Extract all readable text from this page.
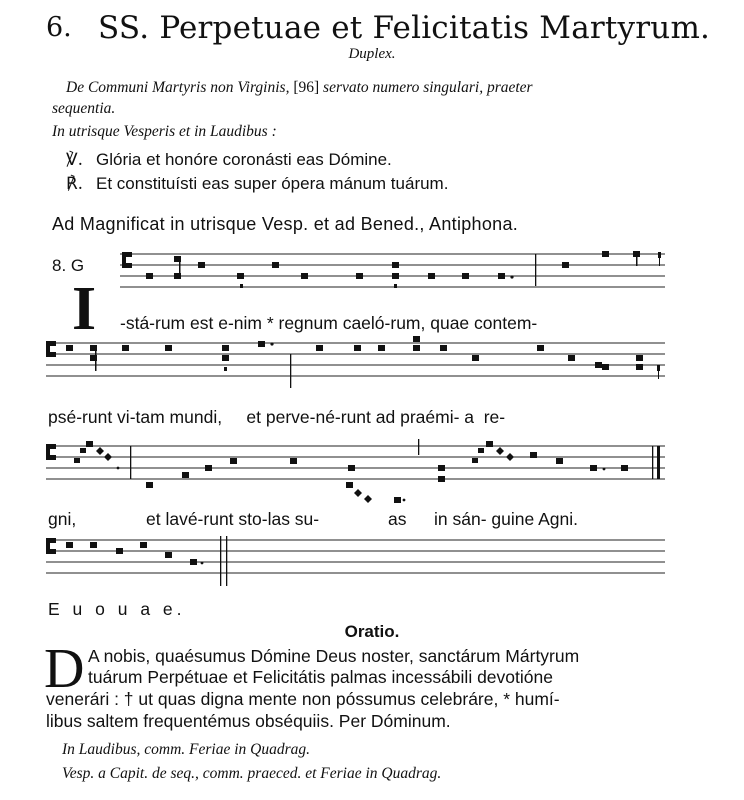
6. SS. Perpetuae et Felicitatis Martyrum.
Duplex.
De Communi Martyris non Virginis, [96] servato numero singulari, praeter
sequentia.
In utrisque Vesperis et in Laudibus :
℣. Glória et honóre coronásti eas Dómine.
℟. Et constituísti eas super ópera mánum tuárum.
Ad Magnificat in utrisque Vesp. et ad Bened., Antiphona.
8. G
I -stá-rum est e-nim * regnum caeló-rum, quae contem-
psé-runt vi-tam mundi,     et perve-né-runt ad praémi- a  re-
gni,	et lavé-runt sto-las su-	as in sán- guine Agni.
E u o u a e.
Oratio.
D A nobis, quaésumus Dómine Deus noster, sanctárum Mártyrum
tuárum Perpétuae et Felicitátis palmas incessábili devotióne
venerári : † ut quas digna mente non póssumus celebráre, * humí-
libus saltem frequentémus obséquiis. Per Dóminum.
In Laudibus, comm. Feriae in Quadrag.
Vesp. a Capit. de seq., comm. praeced. et Feriae in Quadrag.
